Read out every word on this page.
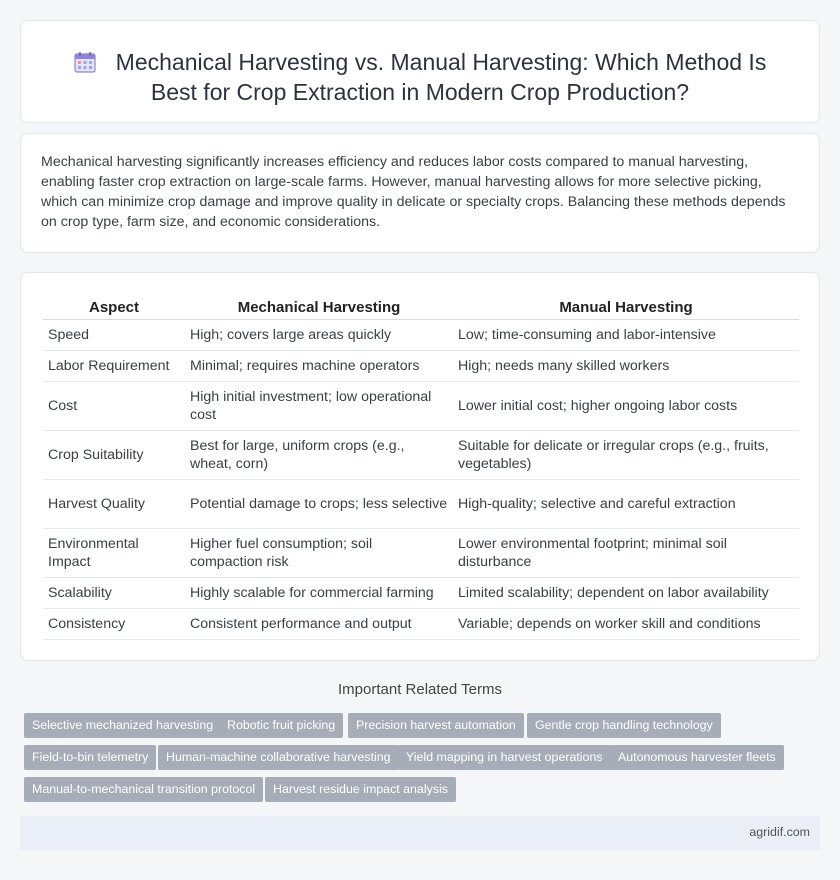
Mechanical Harvesting vs. Manual Harvesting: Which Method Is Best for Crop Extraction in Modern Crop Production?

Mechanical harvesting significantly increases efficiency and reduces labor costs compared to manual harvesting, enabling faster crop extraction on large-scale farms. However, manual harvesting allows for more selective picking, which can minimize crop damage and improve quality in delicate or specialty crops. Balancing these methods depends on crop type, farm size, and economic considerations.

Aspect	Mechanical Harvesting	Manual Harvesting
Speed	High; covers large areas quickly	Low; time-consuming and labor-intensive
Labor Requirement	Minimal; requires machine operators	High; needs many skilled workers
Cost	High initial investment; low operational cost	Lower initial cost; higher ongoing labor costs
Crop Suitability	Best for large, uniform crops (e.g., wheat, corn)	Suitable for delicate or irregular crops (e.g., fruits, vegetables)
Harvest Quality	Potential damage to crops; less selective	High-quality; selective and careful extraction
Environmental Impact	Higher fuel consumption; soil compaction risk	Lower environmental footprint; minimal soil disturbance
Scalability	Highly scalable for commercial farming	Limited scalability; dependent on labor availability
Consistency	Consistent performance and output	Variable; depends on worker skill and conditions
Important Related Terms
Selective mechanized harvesting	Robotic fruit picking	Precision harvest automation	Gentle crop handling technology
Field-to-bin telemetry	Human-machine collaborative harvesting	Yield mapping in harvest operations	Autonomous harvester fleets
Manual-to-mechanical transition protocol	Harvest residue impact analysis
agridif.com
